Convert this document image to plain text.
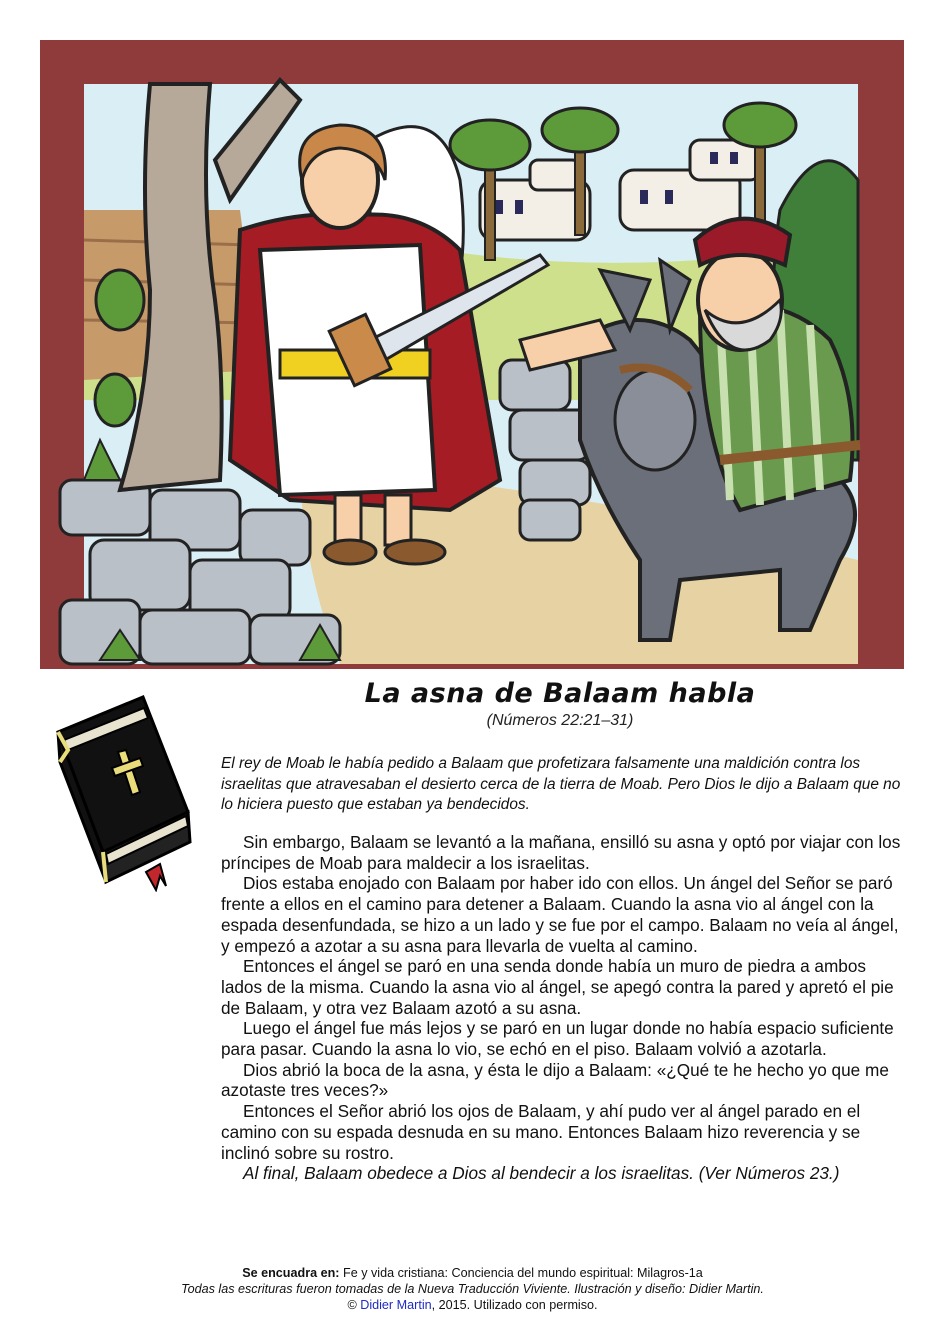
La asna de Balaam habla
(Números 22:21–31)
El rey de Moab le había pedido a Balaam que profetizara falsamente una maldición contra los israelitas que atravesaban el desierto cerca de la tierra de Moab. Pero Dios le dijo a Balaam que no lo hiciera puesto que estaban ya bendecidos.

Sin embargo, Balaam se levantó a la mañana, ensilló su asna y optó por viajar con los príncipes de Moab para maldecir a los israelitas.

Dios estaba enojado con Balaam por haber ido con ellos. Un ángel del Señor se paró frente a ellos en el camino para detener a Balaam. Cuando la asna vio al ángel con la espada desenfundada, se hizo a un lado y se fue por el campo. Balaam no veía al ángel, y empezó a azotar a su asna para llevarla de vuelta al camino.

Entonces el ángel se paró en una senda donde había un muro de piedra a ambos lados de la misma. Cuando la asna vio al ángel, se apegó contra la pared y apretó el pie de Balaam, y otra vez Balaam azotó a su asna.

Luego el ángel fue más lejos y se paró en un lugar donde no había espacio suficiente para pasar. Cuando la asna lo vio, se echó en el piso. Balaam volvió a azotarla.

Dios abrió la boca de la asna, y ésta le dijo a Balaam: «¿Qué te he hecho yo que me azotaste tres veces?»

Entonces el Señor abrió los ojos de Balaam, y ahí pudo ver al ángel parado en el camino con su espada desnuda en su mano. Entonces Balaam hizo reverencia y se inclinó sobre su rostro.

Al final, Balaam obedece a Dios al bendecir a los israelitas. (Ver Números 23.)

Se encuadra en: Fe y vida cristiana: Conciencia del mundo espiritual: Milagros-1a
Todas las escrituras fueron tomadas de la Nueva Traducción Viviente. Ilustración y diseño: Didier Martin.
© Didier Martin, 2015. Utilizado con permiso.
